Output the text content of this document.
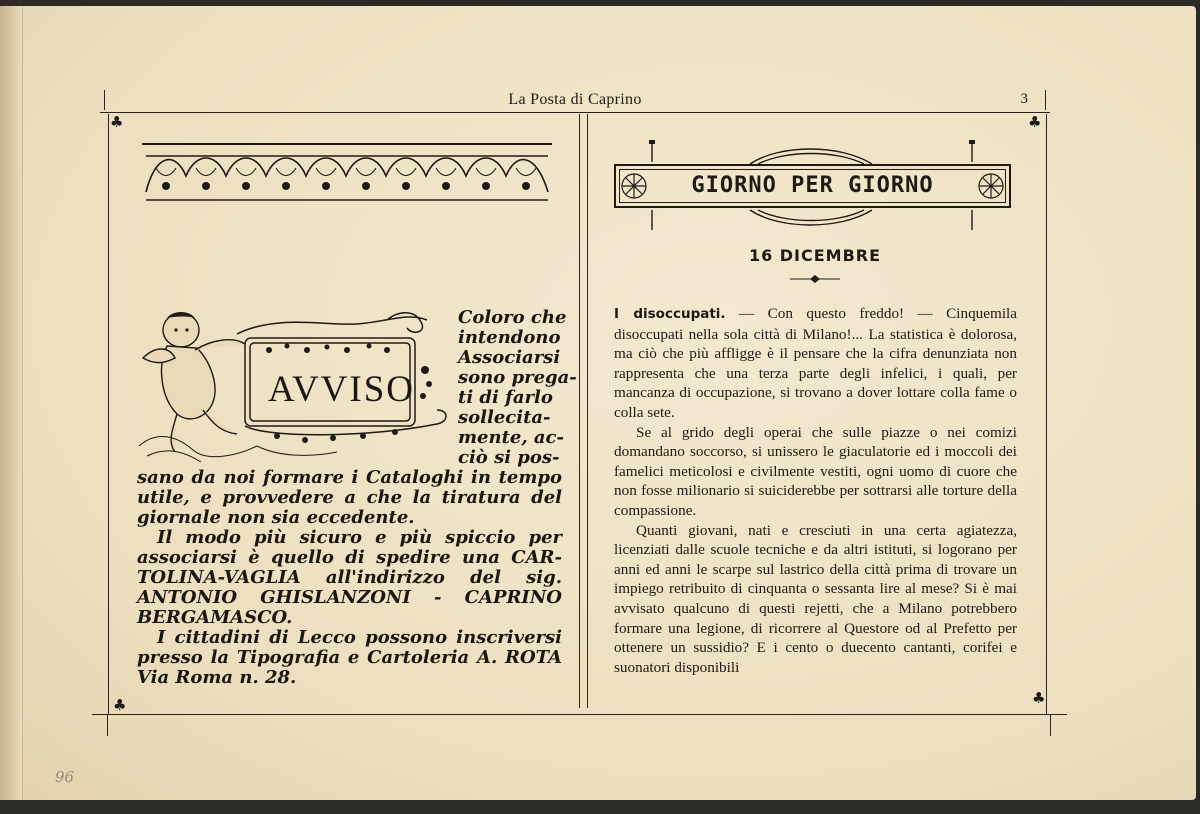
La Posta di Caprino	3
♣	♣
♣	♣
AVVISO
Coloro che
intendono
Associarsi
sono prega-
ti di farlo
sollecita-
mente, ac-
ciò si pos-
sano da noi formare i Cataloghi in tempo
utile, e provvedere a che la tiratura del
giornale non sia eccedente.
Il modo più sicuro e più spiccio per
associarsi è quello di spedire una CAR-
TOLINA-VAGLIA all'indirizzo del sig.
ANTONIO GHISLANZONI - CAPRINO
BERGAMASCO.
I cittadini di Lecco possono inscriversi
presso la Tipografia e Cartoleria A. ROTA
Via Roma n. 28.
GIORNO PER GIORNO
16 DICEMBRE

I disoccupati. — Con questo freddo! — Cinquemila disoccupati nella sola città di Milano!... La statistica è dolorosa, ma ciò che più affligge è il pensare che la cifra denunziata non rappresenta che una terza parte degli infelici, i quali, per mancanza di occupazione, si trovano a dover lottare colla fame o colla sete.

Se al grido degli operai che sulle piazze o nei comizi domandano soccorso, si unissero le giaculatorie ed i moccoli dei famelici meticolosi e civilmente vestiti, ogni uomo di cuore che non fosse milionario si suiciderebbe per sottrarsi alle torture della compassione.

Quanti giovani, nati e cresciuti in una certa agiatezza, licenziati dalle scuole tecniche e da altri istituti, si logorano per anni ed anni le scarpe sul lastrico della città prima di trovare un impiego retribuito di cinquanta o sessanta lire al mese? Si è mai avvisato qualcuno di questi rejetti, che a Milano potrebbero formare una legione, di ricorrere al Questore od al Prefetto per ottenere un sussidio? E i cento o duecento cantanti, corifei e suonatori disponibili

96
